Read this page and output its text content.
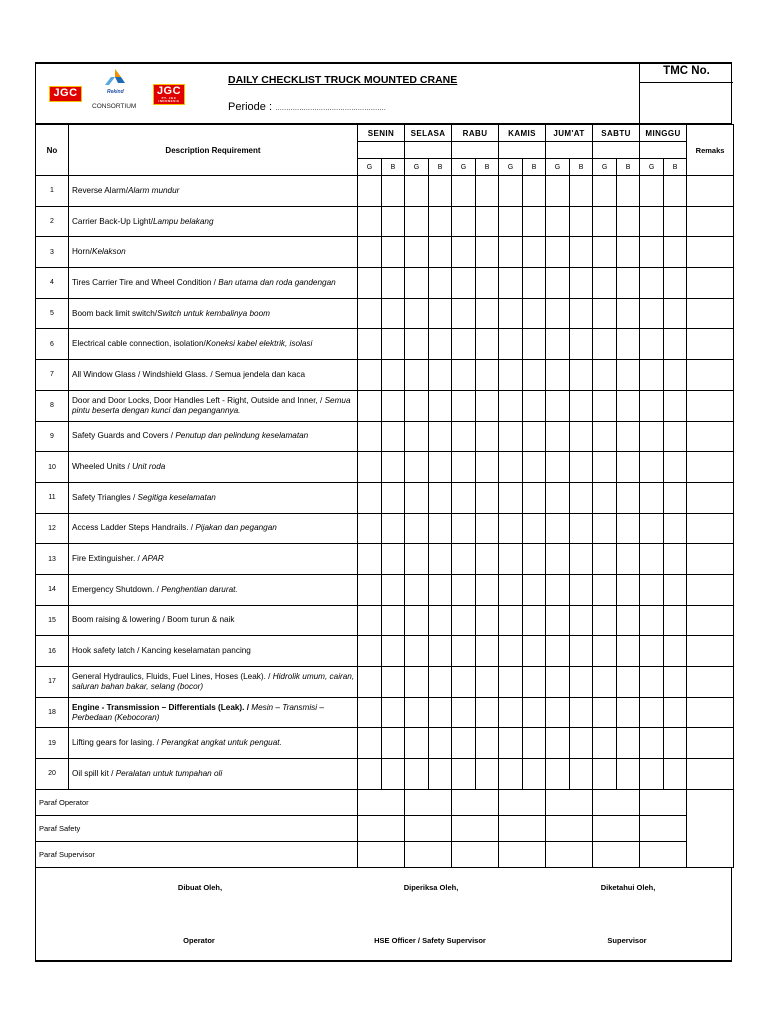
JGC	Rekind
CONSORTIUM
JGC
PT. JGC INDONESIA
DAILY CHECKLIST TRUCK MOUNTED CRANE
Periode : ……………………………………………
TMC No.
No	Description Requirement	SENIN		SELASA		RABU		KAMIS		JUM'AT		SABTU		MINGGU		Remaks

		G	B	G	B	G	B	G	B	G	B	G	B	G	B	
1	Reverse Alarm/Alarm mundur															
2	Carrier Back-Up Light/Lampu belakang															
3	Horn/Kelakson															
4	Tires Carrier Tire and Wheel Condition / Ban utama dan roda gandengan															
5	Boom back limit switch/Switch untuk kembalinya boom															
6	Electrical cable connection, isolation/Koneksi kabel elektrik, isolasi															
7	All Window Glass / Windshield Glass. / Semua jendela dan kaca															
8	Door and Door Locks, Door Handles Left - Right, Outside and Inner, / Semua pintu beserta dengan kunci dan pegangannya.															
9	Safety Guards and Covers / Penutup dan pelindung keselamatan															
10	Wheeled Units / Unit roda															
11	Safety Triangles / Segitiga keselamatan															
12	Access Ladder Steps Handrails. / Pijakan dan pegangan															
13	Fire Extinguisher. / APAR															
14	Emergency Shutdown. / Penghentian darurat.															
15	Boom raising & lowering / Boom turun & naik															
16	Hook safety latch / Kancing keselamatan pancing															
17	General Hydraulics, Fluids, Fuel Lines, Hoses (Leak). / Hidrolik umum, cairan, saluran bahan bakar, selang (bocor)															
18	Engine - Transmission – Differentials (Leak). / Mesin – Transmisi – Perbedaan (Kebocoran)															
19	Lifting gears for lasing. / Perangkat angkat untuk penguat.															
20	Oil spill kit / Peralatan untuk tumpahan oli															
Paraf Operator																
Paraf Safety																
Paraf Supervisor																
Dibuat Oleh,	Diperiksa Oleh,	Diketahui Oleh,
Operator	HSE Officer / Safety Supervisor	Supervisor
